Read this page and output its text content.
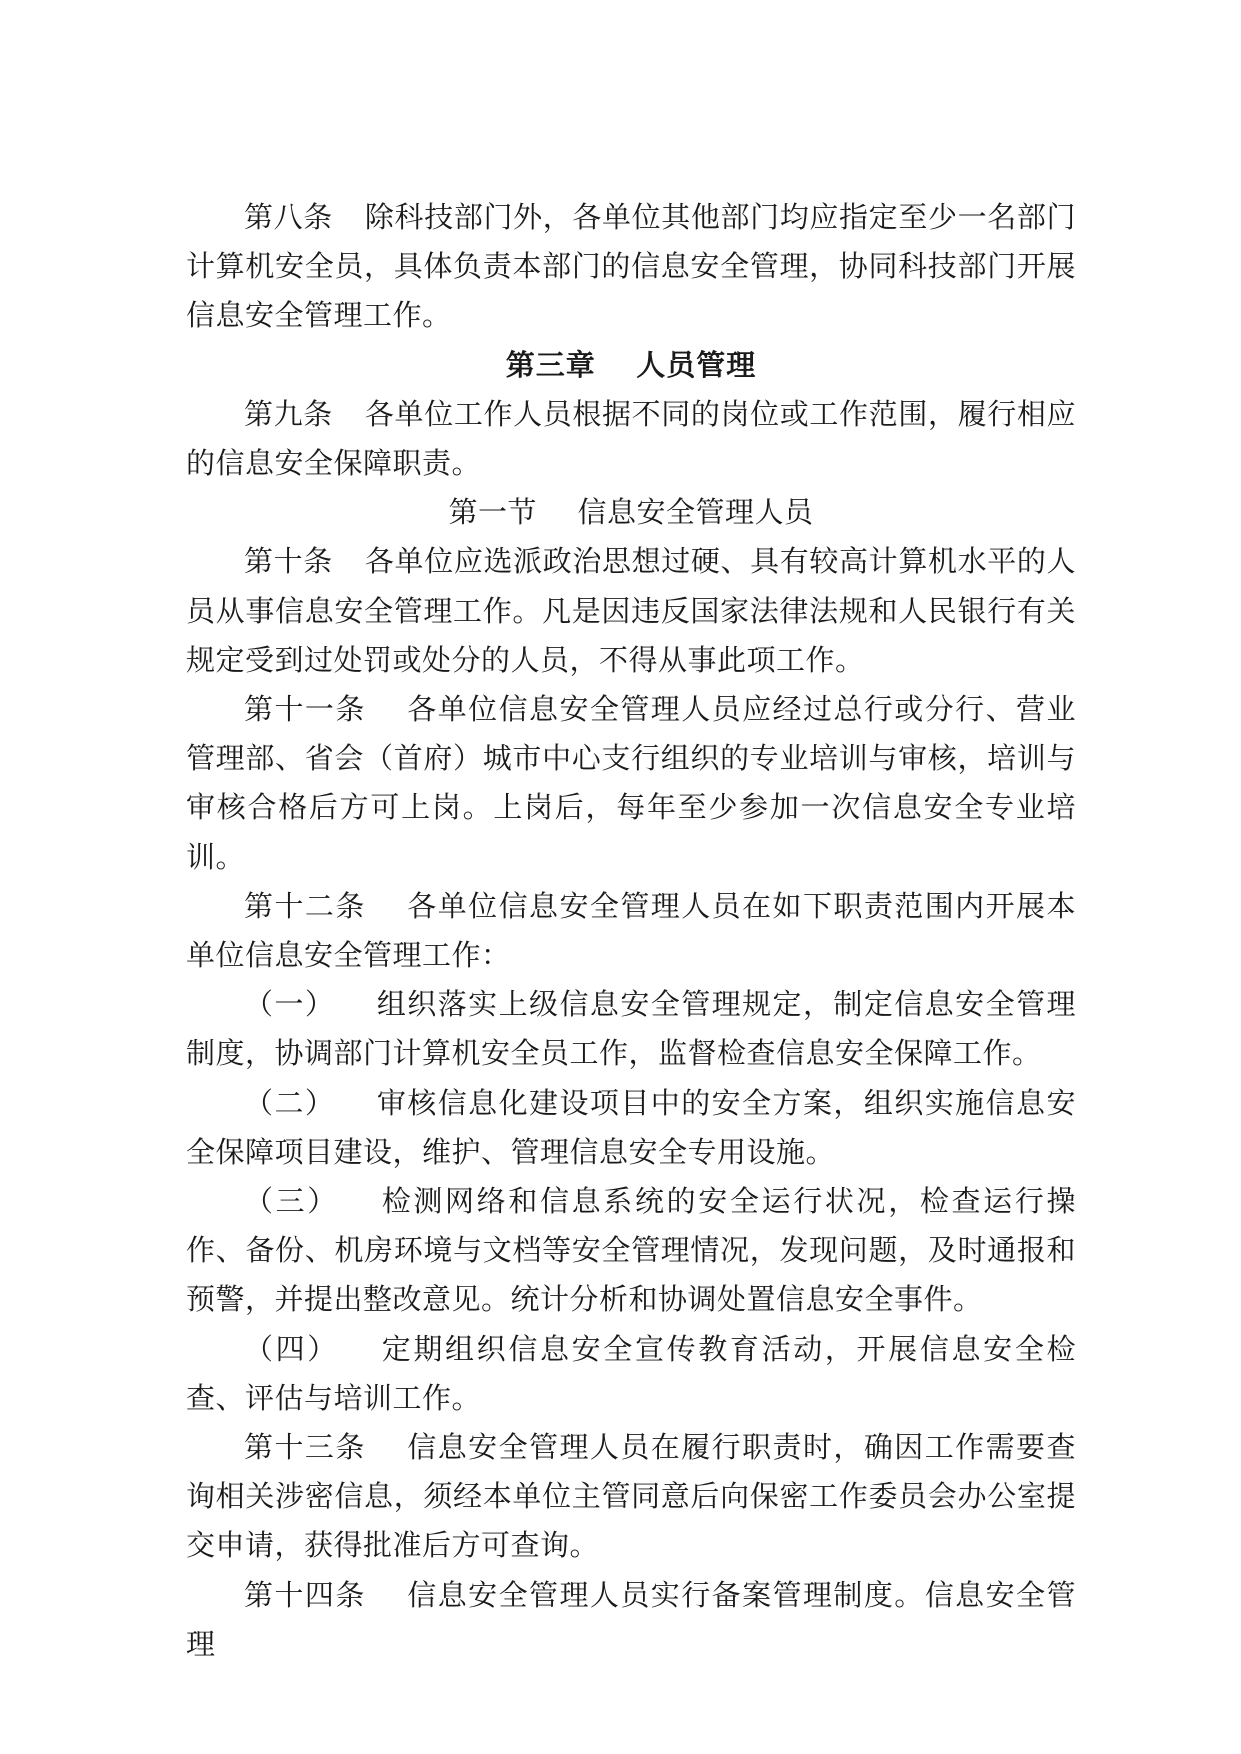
第八条 除科技部门外，各单位其他部门均应指定至少一名部门计算机安全员，具体负责本部门的信息安全管理，协同科技部门开展信息安全管理工作。

第三章 人员管理

第九条 各单位工作人员根据不同的岗位或工作范围，履行相应的信息安全保障职责。

第一节 信息安全管理人员

第十条 各单位应选派政治思想过硬、具有较高计算机水平的人员从事信息安全管理工作。凡是因违反国家法律法规和人民银行有关规定受到过处罚或处分的人员，不得从事此项工作。

第十一条 各单位信息安全管理人员应经过总行或分行、营业管理部、省会（首府）城市中心支行组织的专业培训与审核，培训与审核合格后方可上岗。上岗后，每年至少参加一次信息安全专业培训。

第十二条 各单位信息安全管理人员在如下职责范围内开展本单位信息安全管理工作：

（一） 组织落实上级信息安全管理规定，制定信息安全管理制度，协调部门计算机安全员工作，监督检查信息安全保障工作。

（二） 审核信息化建设项目中的安全方案，组织实施信息安全保障项目建设，维护、管理信息安全专用设施。

（三） 检测网络和信息系统的安全运行状况，检查运行操作、备份、机房环境与文档等安全管理情况，发现问题，及时通报和预警，并提出整改意见。统计分析和协调处置信息安全事件。

（四） 定期组织信息安全宣传教育活动，开展信息安全检查、评估与培训工作。

第十三条 信息安全管理人员在履行职责时，确因工作需要查询相关涉密信息，须经本单位主管同意后向保密工作委员会办公室提交申请，获得批准后方可查询。

第十四条 信息安全管理人员实行备案管理制度。信息安全管理
